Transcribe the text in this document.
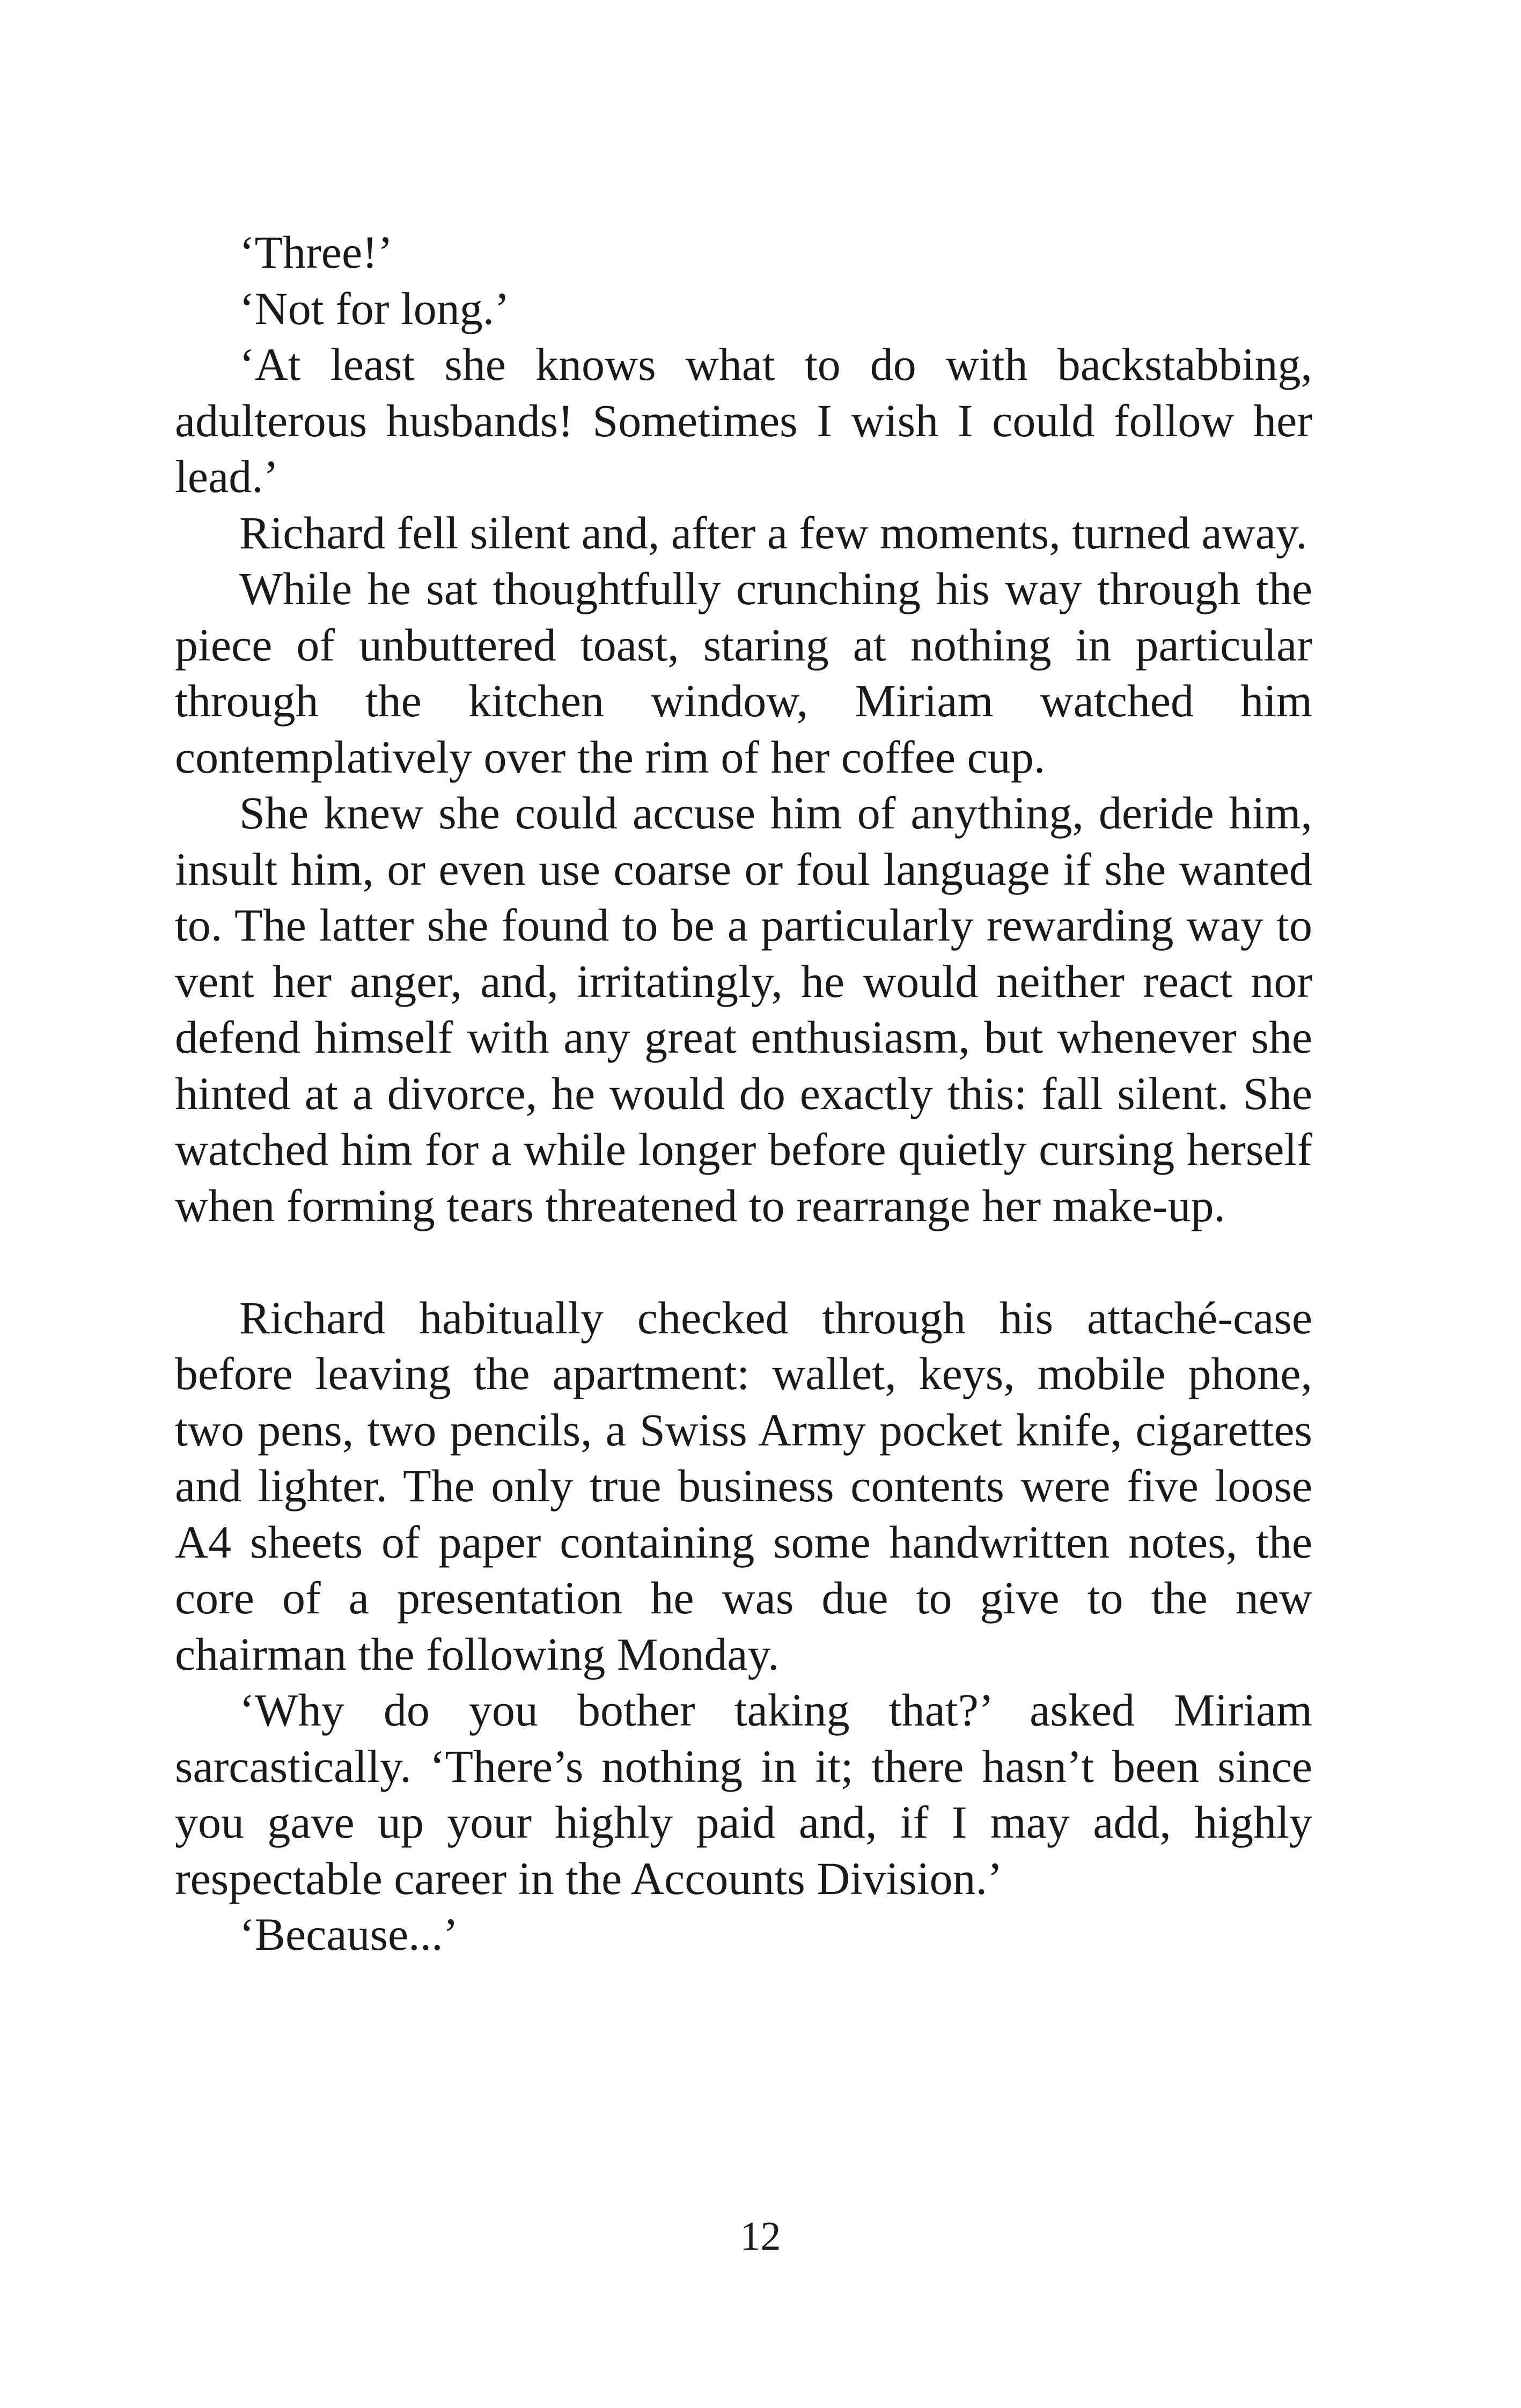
‘Three!’

‘Not for long.’

‘At least she knows what to do with backstabbing, adulterous husbands! Sometimes I wish I could follow her lead.’

Richard fell silent and, after a few moments, turned away.

While he sat thoughtfully crunching his way through the piece of unbuttered toast, staring at nothing in particular through the kitchen window, Miriam watched him contemplatively over the rim of her coffee cup.

She knew she could accuse him of anything, deride him, insult him, or even use coarse or foul language if she wanted to. The latter she found to be a particularly rewarding way to vent her anger, and, irritatingly, he would neither react nor defend himself with any great enthusiasm, but whenever she hinted at a divorce, he would do exactly this: fall silent. She watched him for a while longer before quietly cursing herself when forming tears threatened to rearrange her make-up.

Richard habitually checked through his attaché-case before leaving the apartment: wallet, keys, mobile phone, two pens, two pencils, a Swiss Army pocket knife, cigarettes and lighter. The only true business contents were five loose A4 sheets of paper containing some handwritten notes, the core of a presentation he was due to give to the new chairman the following Monday.

‘Why do you bother taking that?’ asked Miriam sarcastically. ‘There’s nothing in it; there hasn’t been since you gave up your highly paid and, if I may add, highly respectable career in the Accounts Division.’

‘Because...’

12
